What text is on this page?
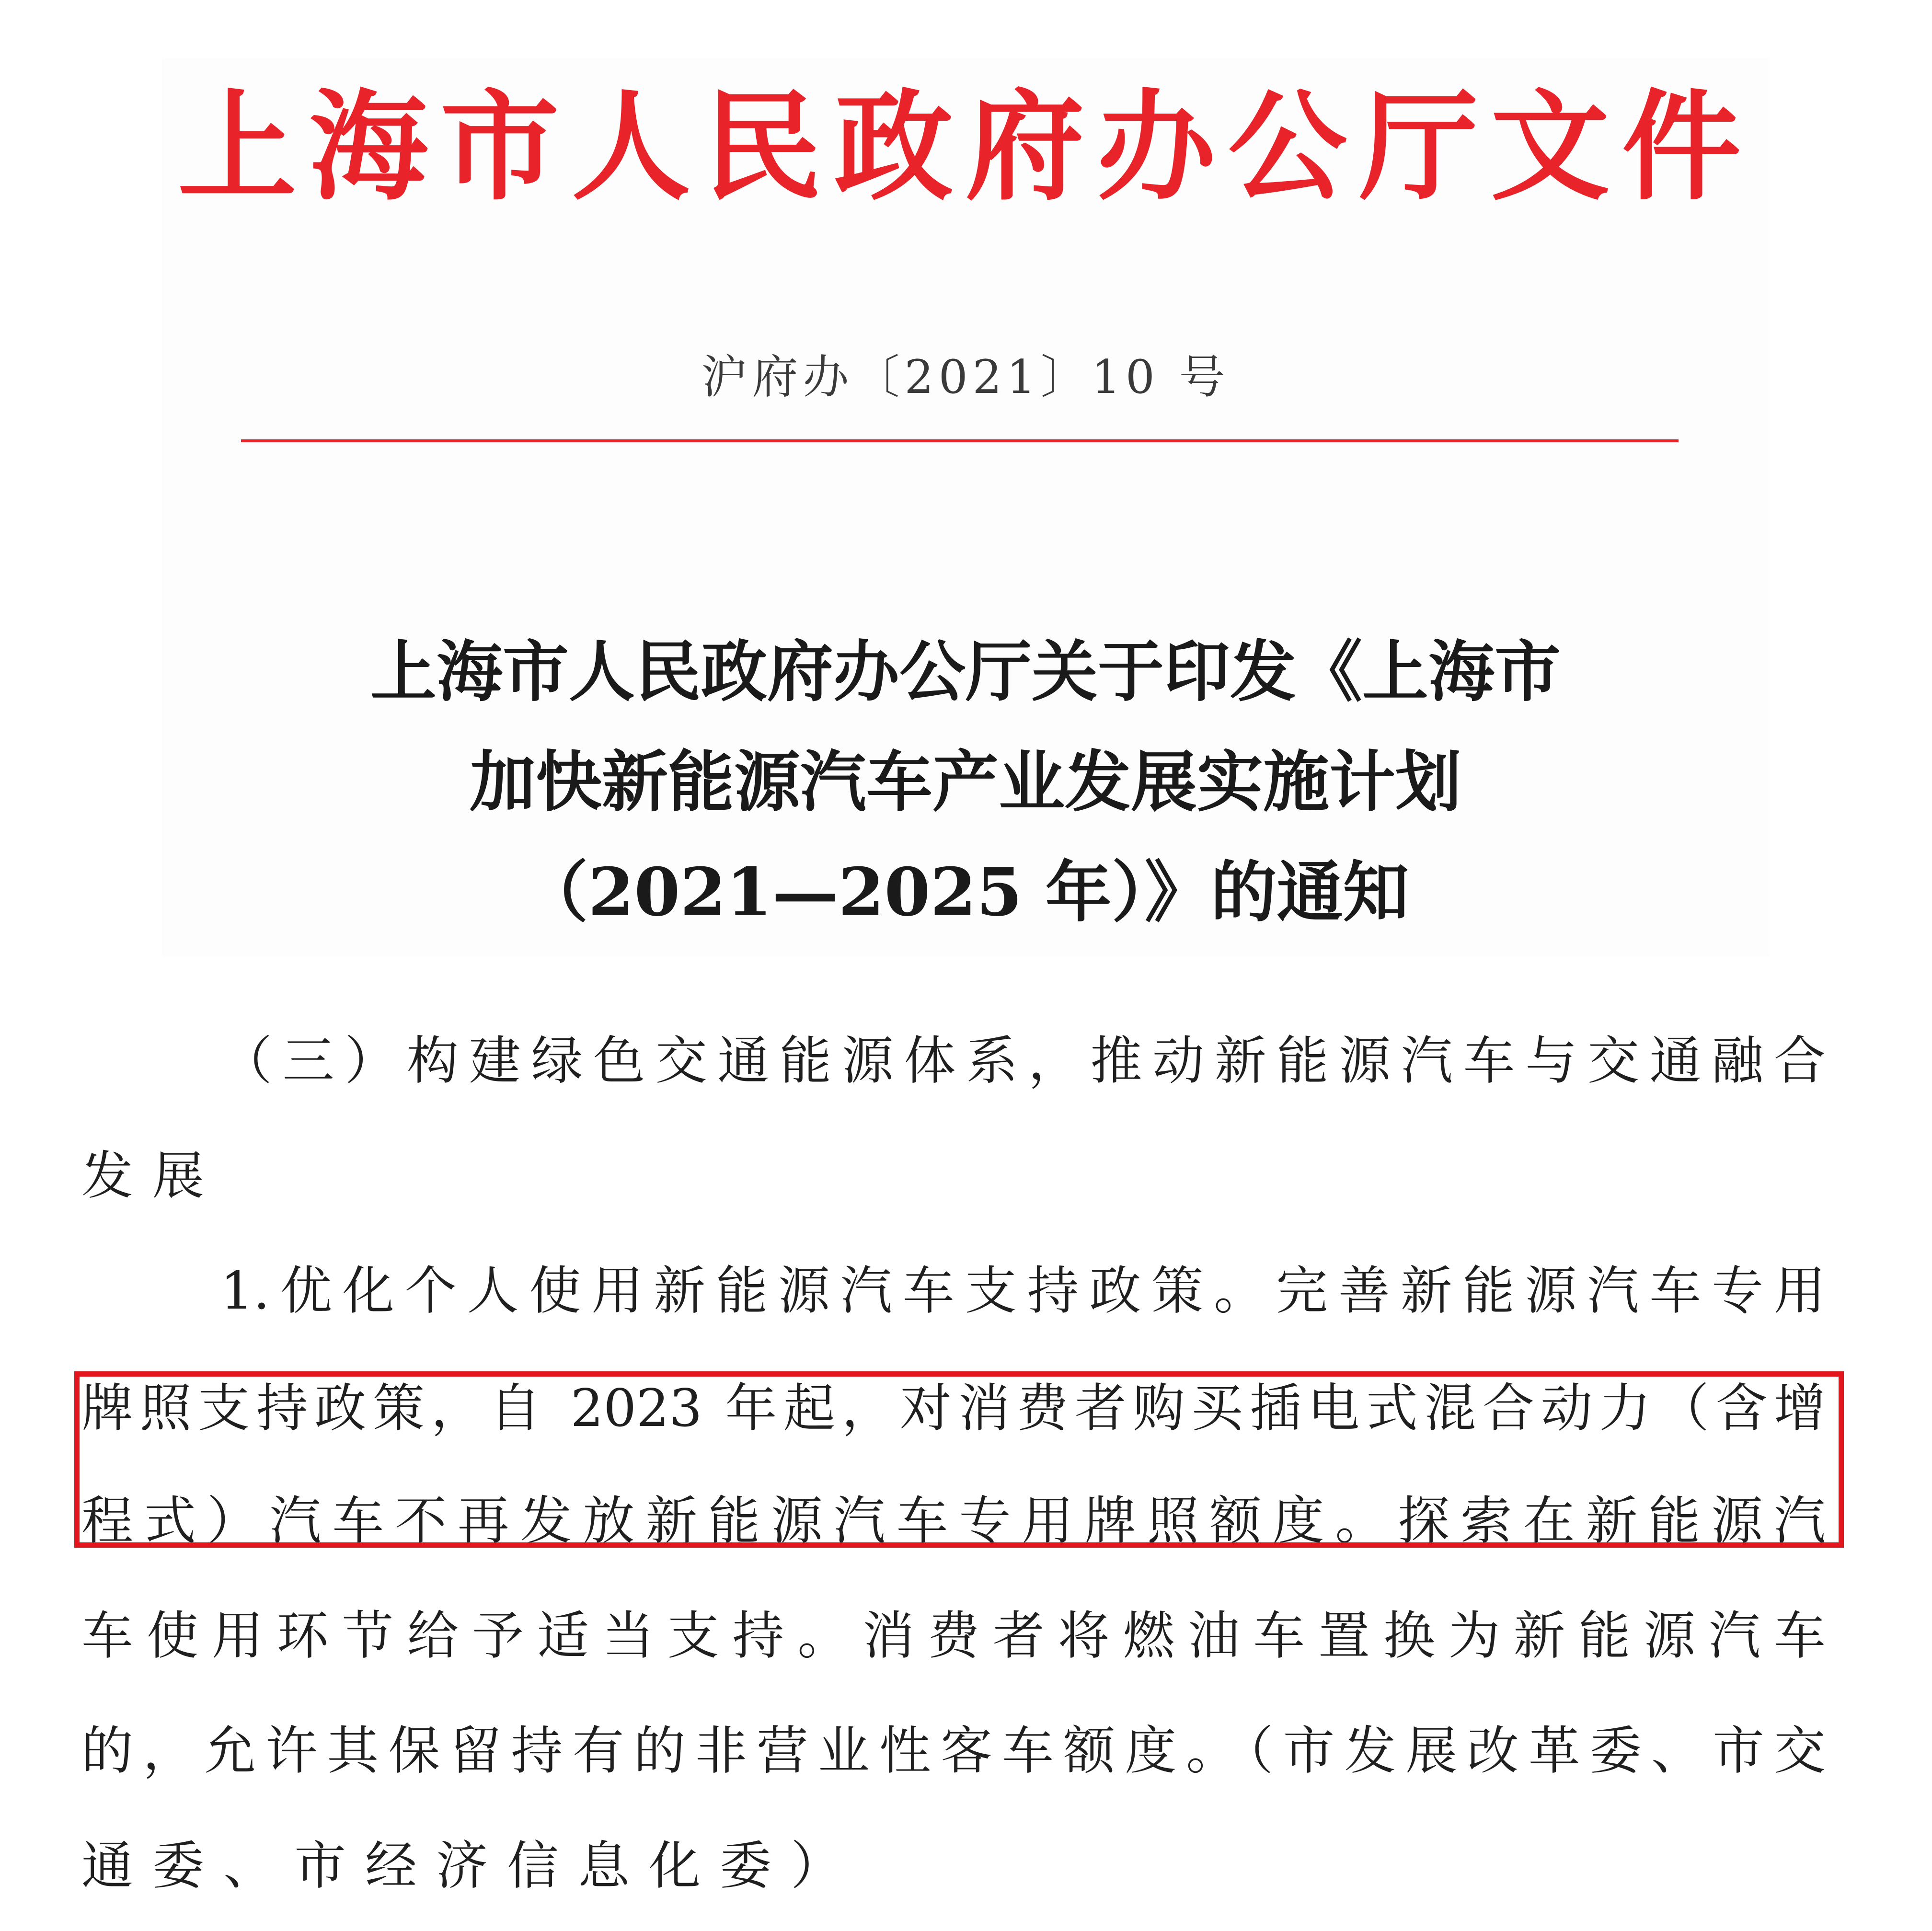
上海市人民政府办公厅文件
沪府办〔2021〕10 号
上海市人民政府办公厅关于印发《上海市
加快新能源汽车产业发展实施计划
（2021—2025 年）》的通知
（三）构建绿色交通能源体系，推动新能源汽车与交通融合
发展
1.优化个人使用新能源汽车支持政策。完善新能源汽车专用
牌照支持政策，自 2023 年起，对消费者购买插电式混合动力（含增
程式）汽车不再发放新能源汽车专用牌照额度。探索在新能源汽
车使用环节给予适当支持。消费者将燃油车置换为新能源汽车
的，允许其保留持有的非营业性客车额度。（市发展改革委、市交
通委、市经济信息化委）
